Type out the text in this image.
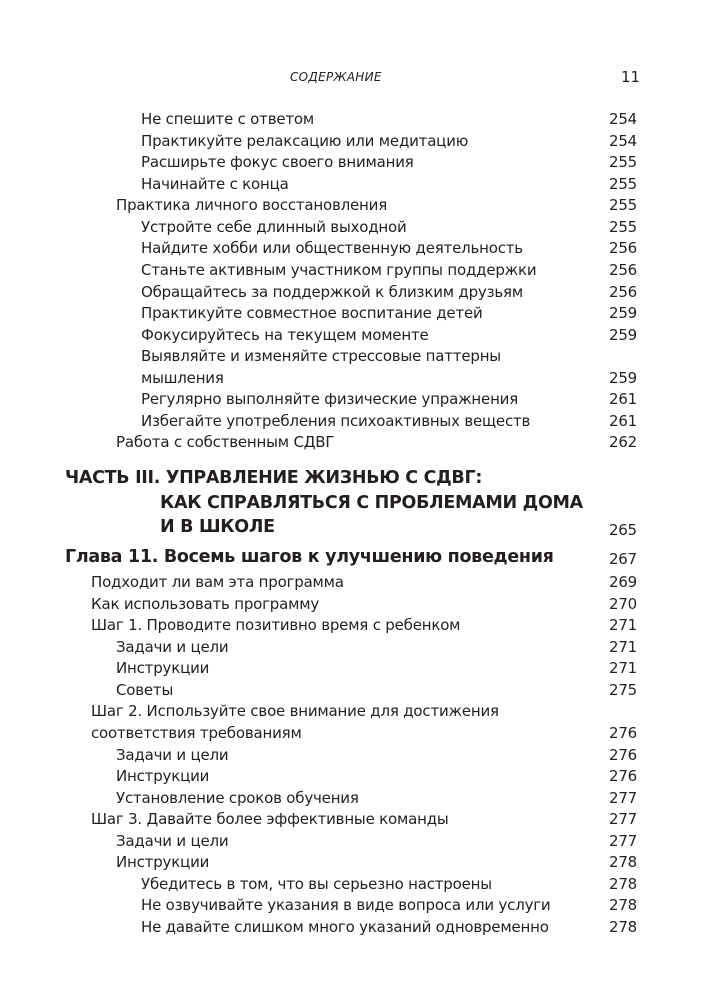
СОДЕРЖАНИЕ	11
Не спешите с ответом	254
Практикуйте релаксацию или медитацию	254
Расширьте фокус своего внимания	255
Начинайте с конца	255
Практика личного восстановления	255
Устройте себе длинный выходной	255
Найдите хобби или общественную деятельность	256
Станьте активным участником группы поддержки	256
Обращайтесь за поддержкой к близким друзьям	256
Практикуйте совместное воспитание детей	259
Фокусируйтесь на текущем моменте	259
Выявляйте и изменяйте стрессовые паттерны
мышления	259
Регулярно выполняйте физические упражнения	261
Избегайте употребления психоактивных веществ	261
Работа с собственным СДВГ	262
ЧАСТЬ III. УПРАВЛЕНИЕ ЖИЗНЬЮ С СДВГ:
КАК СПРАВЛЯТЬСЯ С ПРОБЛЕМАМИ ДОМА
И В ШКОЛЕ	265
Глава 11. Восемь шагов к улучшению поведения	267
Подходит ли вам эта программа	269
Как использовать программу	270
Шаг 1. Проводите позитивно время с ребенком	271
Задачи и цели	271
Инструкции	271
Советы	275
Шаг 2. Используйте свое внимание для достижения
соответствия требованиям	276
Задачи и цели	276
Инструкции	276
Установление сроков обучения	277
Шаг 3. Давайте более эффективные команды	277
Задачи и цели	277
Инструкции	278
Убедитесь в том, что вы серьезно настроены	278
Не озвучивайте указания в виде вопроса или услуги	278
Не давайте слишком много указаний одновременно	278
